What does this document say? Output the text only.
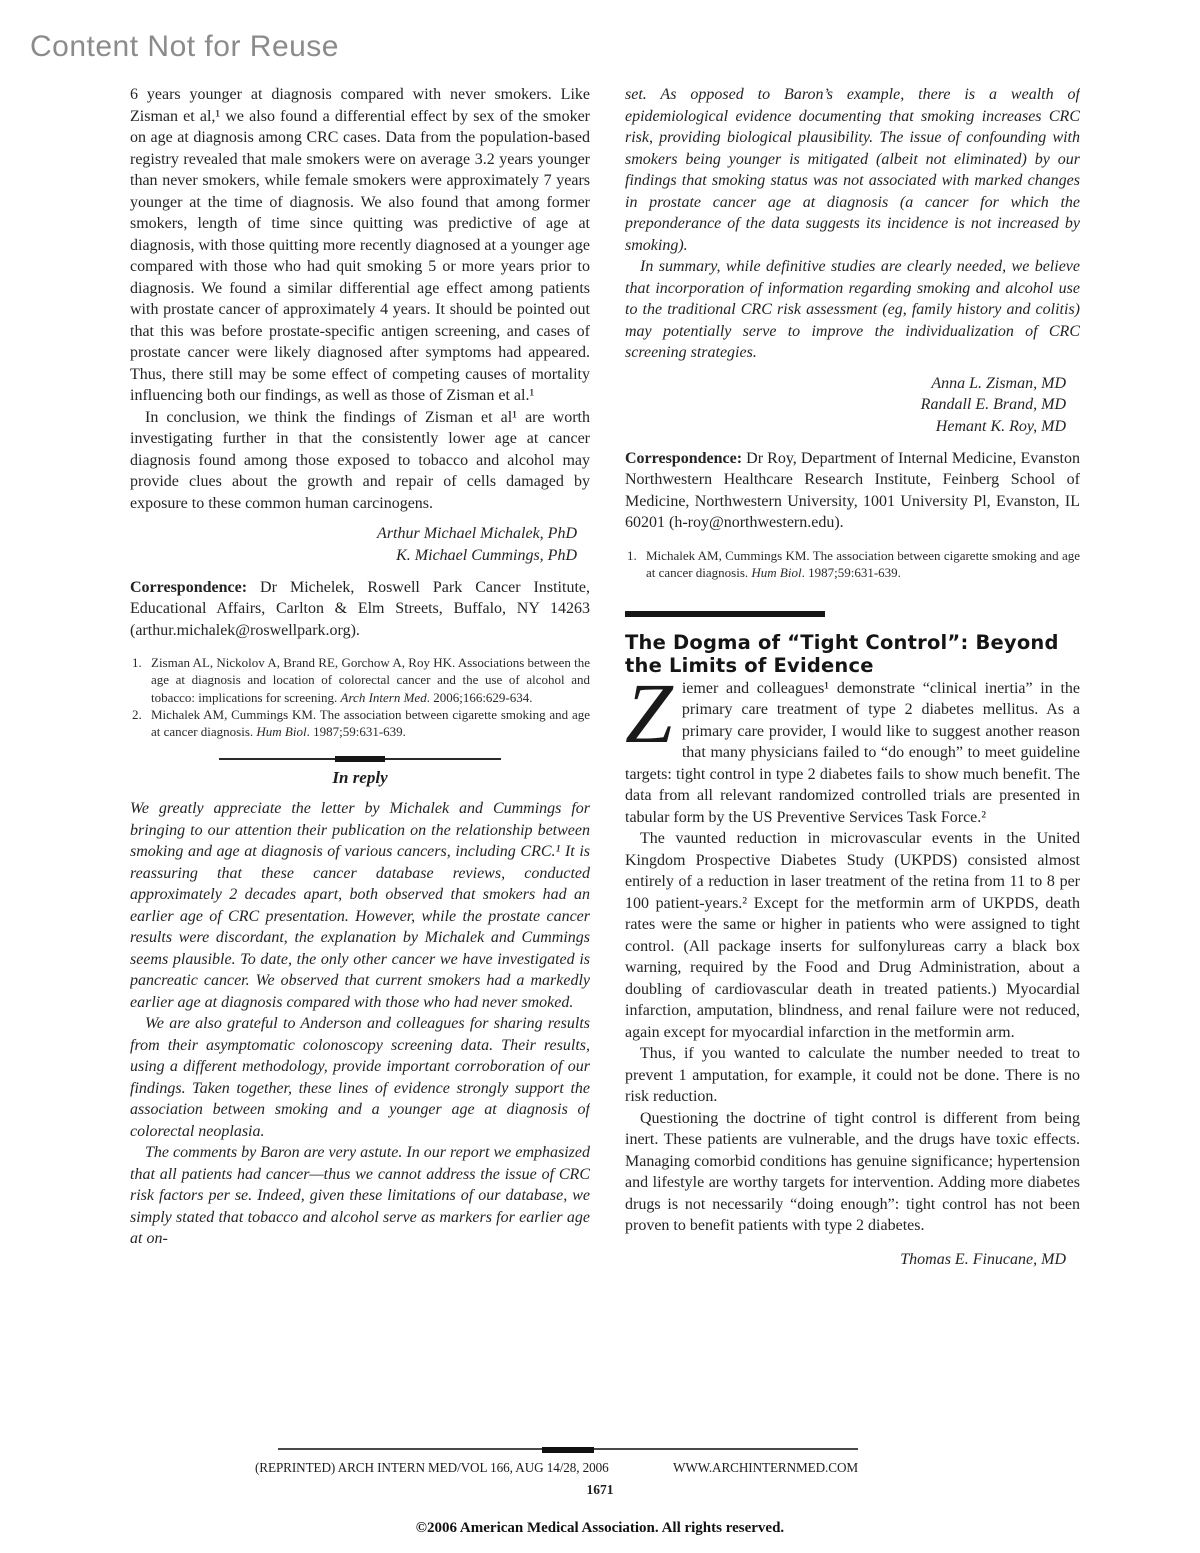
Content Not for Reuse

6 years younger at diagnosis compared with never smokers. Like Zisman et al,¹ we also found a differential effect by sex of the smoker on age at diagnosis among CRC cases. Data from the population-based registry revealed that male smokers were on average 3.2 years younger than never smokers, while female smokers were approximately 7 years younger at the time of diagnosis. We also found that among former smokers, length of time since quitting was predictive of age at diagnosis, with those quitting more recently diagnosed at a younger age compared with those who had quit smoking 5 or more years prior to diagnosis. We found a similar differential age effect among patients with prostate cancer of approximately 4 years. It should be pointed out that this was before prostate-specific antigen screening, and cases of prostate cancer were likely diagnosed after symptoms had appeared. Thus, there still may be some effect of competing causes of mortality influencing both our findings, as well as those of Zisman et al.¹

In conclusion, we think the findings of Zisman et al¹ are worth investigating further in that the consistently lower age at cancer diagnosis found among those exposed to tobacco and alcohol may provide clues about the growth and repair of cells damaged by exposure to these common human carcinogens.

Arthur Michael Michalek, PhD
K. Michael Cummings, PhD

Correspondence: Dr Michelek, Roswell Park Cancer Institute, Educational Affairs, Carlton & Elm Streets, Buffalo, NY 14263 (arthur.michalek@roswellpark.org).

1. Zisman AL, Nickolov A, Brand RE, Gorchow A, Roy HK. Associations between the age at diagnosis and location of colorectal cancer and the use of alcohol and tobacco: implications for screening. Arch Intern Med. 2006;166:629-634.
2. Michalek AM, Cummings KM. The association between cigarette smoking and age at cancer diagnosis. Hum Biol. 1987;59:631-639.
In reply

We greatly appreciate the letter by Michalek and Cummings for bringing to our attention their publication on the relationship between smoking and age at diagnosis of various cancers, including CRC.¹ It is reassuring that these cancer database reviews, conducted approximately 2 decades apart, both observed that smokers had an earlier age of CRC presentation. However, while the prostate cancer results were discordant, the explanation by Michalek and Cummings seems plausible. To date, the only other cancer we have investigated is pancreatic cancer. We observed that current smokers had a markedly earlier age at diagnosis compared with those who had never smoked.

We are also grateful to Anderson and colleagues for sharing results from their asymptomatic colonoscopy screening data. Their results, using a different methodology, provide important corroboration of our findings. Taken together, these lines of evidence strongly support the association between smoking and a younger age at diagnosis of colorectal neoplasia.

The comments by Baron are very astute. In our report we emphasized that all patients had cancer—thus we cannot address the issue of CRC risk factors per se. Indeed, given these limitations of our database, we simply stated that tobacco and alcohol serve as markers for earlier age at on-

set. As opposed to Baron’s example, there is a wealth of epidemiological evidence documenting that smoking increases CRC risk, providing biological plausibility. The issue of confounding with smokers being younger is mitigated (albeit not eliminated) by our findings that smoking status was not associated with marked changes in prostate cancer age at diagnosis (a cancer for which the preponderance of the data suggests its incidence is not increased by smoking).

In summary, while definitive studies are clearly needed, we believe that incorporation of information regarding smoking and alcohol use to the traditional CRC risk assessment (eg, family history and colitis) may potentially serve to improve the individualization of CRC screening strategies.

Anna L. Zisman, MD
Randall E. Brand, MD
Hemant K. Roy, MD

Correspondence: Dr Roy, Department of Internal Medicine, Evanston Northwestern Healthcare Research Institute, Feinberg School of Medicine, Northwestern University, 1001 University Pl, Evanston, IL 60201 (h-roy@northwestern.edu).

1. Michalek AM, Cummings KM. The association between cigarette smoking and age at cancer diagnosis. Hum Biol. 1987;59:631-639.
The Dogma of “Tight Control”: Beyond
the Limits of Evidence

Ziemer and colleagues¹ demonstrate “clinical inertia” in the primary care treatment of type 2 diabetes mellitus. As a primary care provider, I would like to suggest another reason that many physicians failed to “do enough” to meet guideline targets: tight control in type 2 diabetes fails to show much benefit. The data from all relevant randomized controlled trials are presented in tabular form by the US Preventive Services Task Force.²

The vaunted reduction in microvascular events in the United Kingdom Prospective Diabetes Study (UKPDS) consisted almost entirely of a reduction in laser treatment of the retina from 11 to 8 per 100 patient-years.² Except for the metformin arm of UKPDS, death rates were the same or higher in patients who were assigned to tight control. (All package inserts for sulfonylureas carry a black box warning, required by the Food and Drug Administration, about a doubling of cardiovascular death in treated patients.) Myocardial infarction, amputation, blindness, and renal failure were not reduced, again except for myocardial infarction in the metformin arm.

Thus, if you wanted to calculate the number needed to treat to prevent 1 amputation, for example, it could not be done. There is no risk reduction.

Questioning the doctrine of tight control is different from being inert. These patients are vulnerable, and the drugs have toxic effects. Managing comorbid conditions has genuine significance; hypertension and lifestyle are worthy targets for intervention. Adding more diabetes drugs is not necessarily “doing enough”: tight control has not been proven to benefit patients with type 2 diabetes.

Thomas E. Finucane, MD
(REPRINTED) ARCH INTERN MED/VOL 166, AUG 14/28, 2006	WWW.ARCHINTERNMED.COM
1671
©2006 American Medical Association. All rights reserved.
